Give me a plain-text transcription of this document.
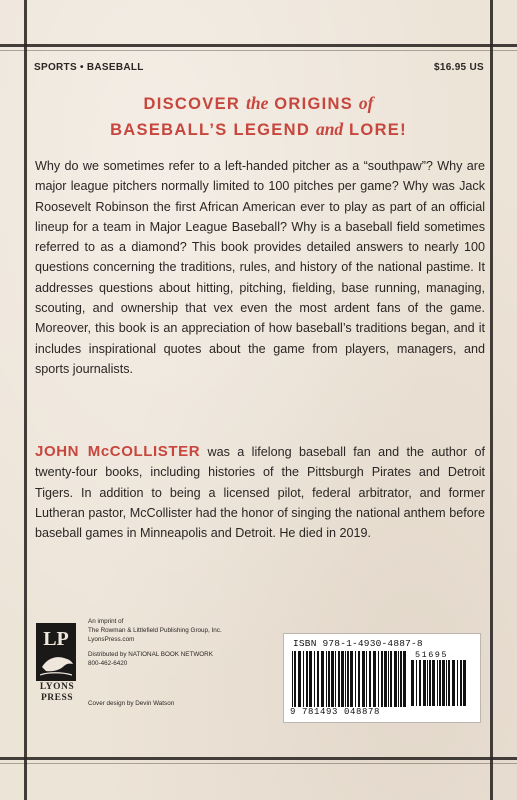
SPORTS • BASEBALL	$16.95 US
DISCOVER the ORIGINS of
BASEBALL’S LEGEND and LORE!

Why do we sometimes refer to a left-handed pitcher as a “southpaw”? Why are major league pitchers normally limited to 100 pitches per game? Why was Jack Roosevelt Robinson the first African American ever to play as part of an official lineup for a team in Major League Baseball? Why is a baseball field sometimes referred to as a diamond? This book provides detailed answers to nearly 100 questions concerning the traditions, rules, and history of the national pastime. It addresses questions about hitting, pitching, fielding, base running, managing, scouting, and ownership that vex even the most ardent fans of the game. Moreover, this book is an appreciation of how baseball’s traditions began, and it includes inspirational quotes about the game from players, managers, and sports journalists.

JOHN McCOLLISTER was a lifelong baseball fan and the author of twenty-four books, including histories of the Pittsburgh Pirates and Detroit Tigers. In addition to being a licensed pilot, federal arbitrator, and former Lutheran pastor, McCollister had the honor of singing the national anthem before baseball games in Minneapolis and Detroit. He died in 2019.

LP
LYONS
PRESS
An imprint of
The Rowman & Littlefield Publishing Group, Inc.
LyonsPress.com
Distributed by NATIONAL BOOK NETWORK
800-462-6420
Cover design by Devin Watson
ISBN 978-1-4930-4887-8
51695
9 781493 048878
